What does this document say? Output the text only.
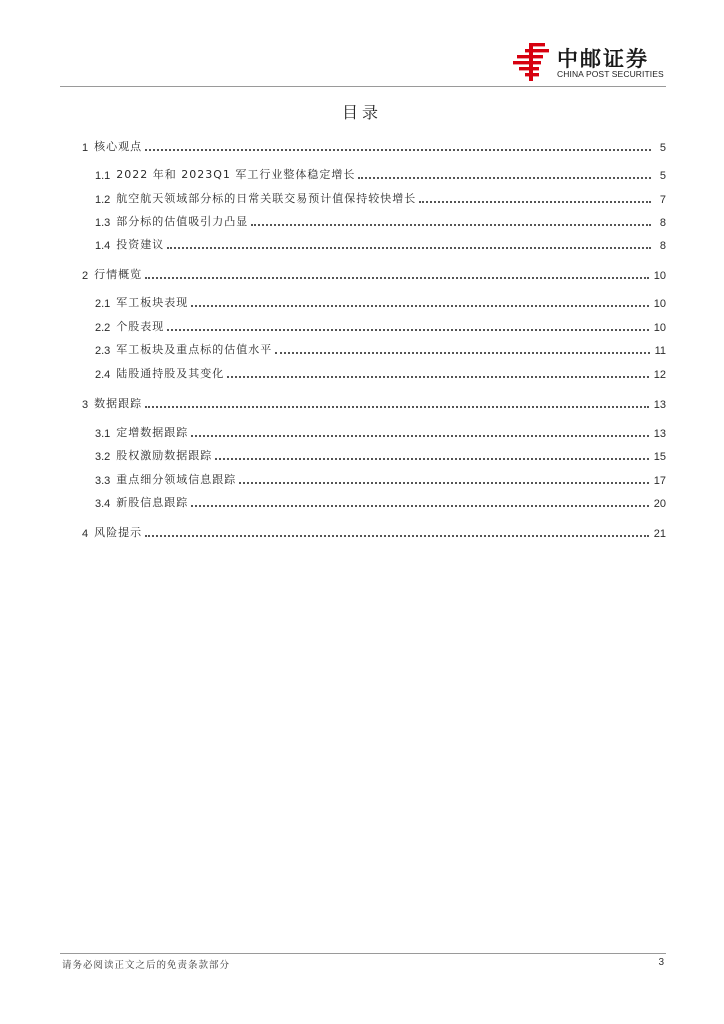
中邮证券
CHINA POST SECURITIES
目录
1 核心观点	5
1.1 2022 年和 2023Q1 军工行业整体稳定增长	5
1.2 航空航天领域部分标的日常关联交易预计值保持较快增长	7
1.3 部分标的估值吸引力凸显	8
1.4 投资建议	8
2 行情概览	10
2.1 军工板块表现	10
2.2 个股表现	10
2.3 军工板块及重点标的估值水平	11
2.4 陆股通持股及其变化	12
3 数据跟踪	13
3.1 定增数据跟踪	13
3.2 股权激励数据跟踪	15
3.3 重点细分领域信息跟踪	17
3.4 新股信息跟踪	20
4 风险提示	21
请务必阅读正文之后的免责条款部分	3
